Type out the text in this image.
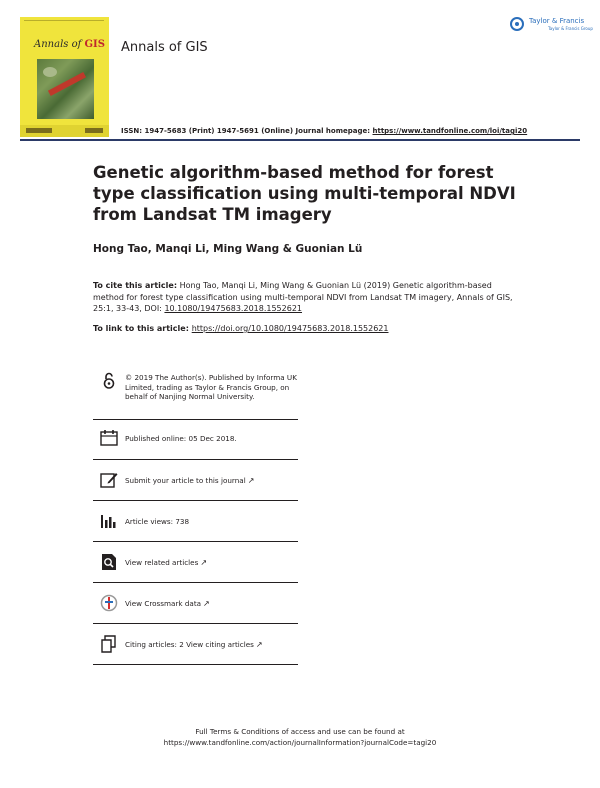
Annals of GIS Annals of GIS
Taylor & Francis
Taylor & Francis Group
ISSN: 1947-5683 (Print) 1947-5691 (Online) Journal homepage: https://www.tandfonline.com/loi/tagi20
Genetic algorithm-based method for forest type classification using multi-temporal NDVI from Landsat TM imagery
Hong Tao, Manqi Li, Ming Wang & Guonian Lü
To cite this article: Hong Tao, Manqi Li, Ming Wang & Guonian Lü (2019) Genetic algorithm-based method for forest type classification using multi-temporal NDVI from Landsat TM imagery, Annals of GIS, 25:1, 33-43, DOI: 10.1080/19475683.2018.1552621
To link to this article: https://doi.org/10.1080/19475683.2018.1552621
© 2019 The Author(s). Published by Informa UK Limited, trading as Taylor & Francis Group, on behalf of Nanjing Normal University.
Published online: 05 Dec 2018.
Submit your article to this journal ↗
Article views: 738
View related articles ↗
View Crossmark data ↗
Citing articles: 2 View citing articles ↗
Full Terms & Conditions of access and use can be found at
https://www.tandfonline.com/action/journalInformation?journalCode=tagi20
